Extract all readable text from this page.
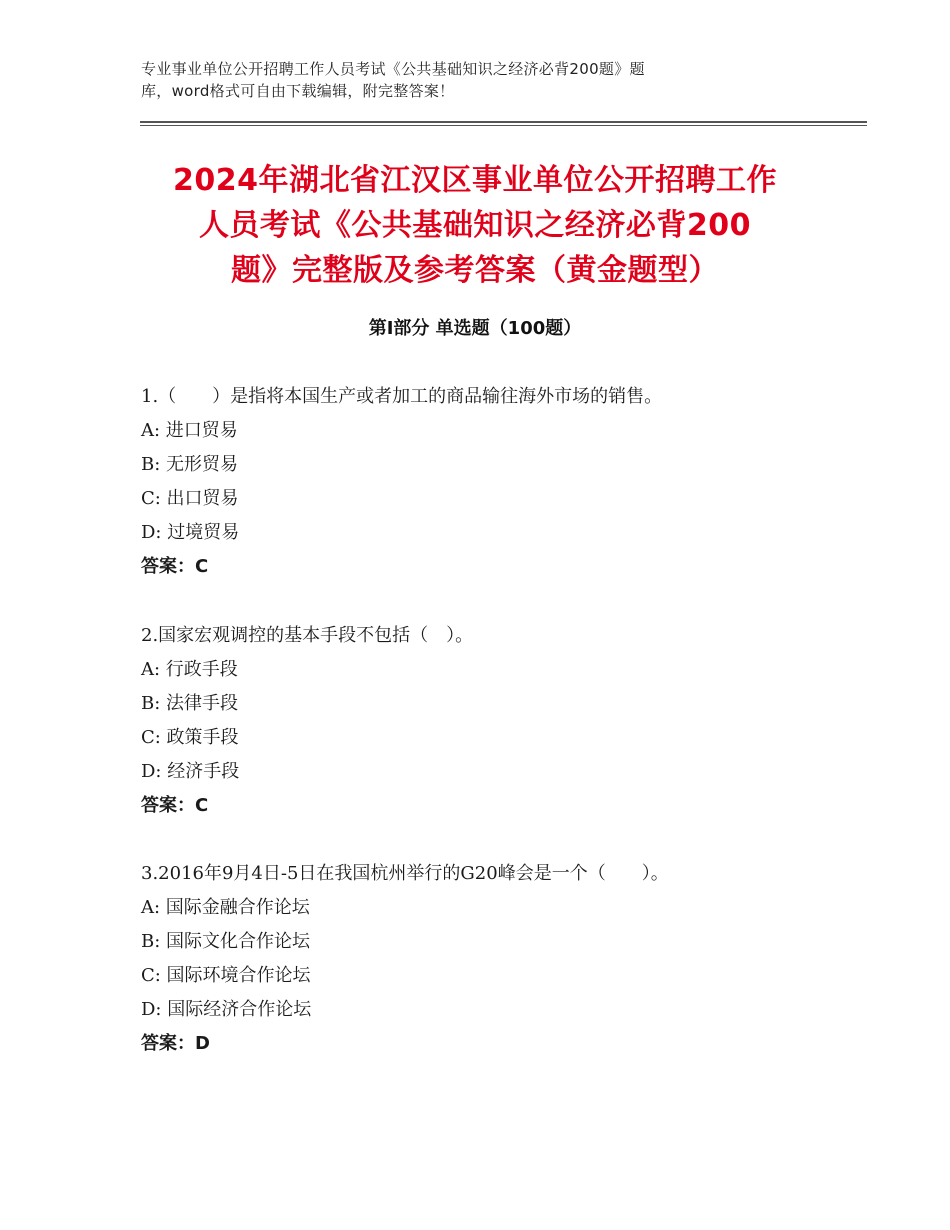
专业事业单位公开招聘工作人员考试《公共基础知识之经济必背200题》题
库，word格式可自由下载编辑，附完整答案！
2024年湖北省江汉区事业单位公开招聘工作
人员考试《公共基础知识之经济必背200
题》完整版及参考答案（黄金题型）
第Ⅰ部分 单选题（100题）
1.（　　）是指将本国生产或者加工的商品输往海外市场的销售。
A: 进口贸易
B: 无形贸易
C: 出口贸易
D: 过境贸易
答案：C
2.国家宏观调控的基本手段不包括（　）。
A: 行政手段
B: 法律手段
C: 政策手段
D: 经济手段
答案：C
3.2016年9月4日-5日在我国杭州举行的G20峰会是一个（　　）。
A: 国际金融合作论坛
B: 国际文化合作论坛
C: 国际环境合作论坛
D: 国际经济合作论坛
答案：D
